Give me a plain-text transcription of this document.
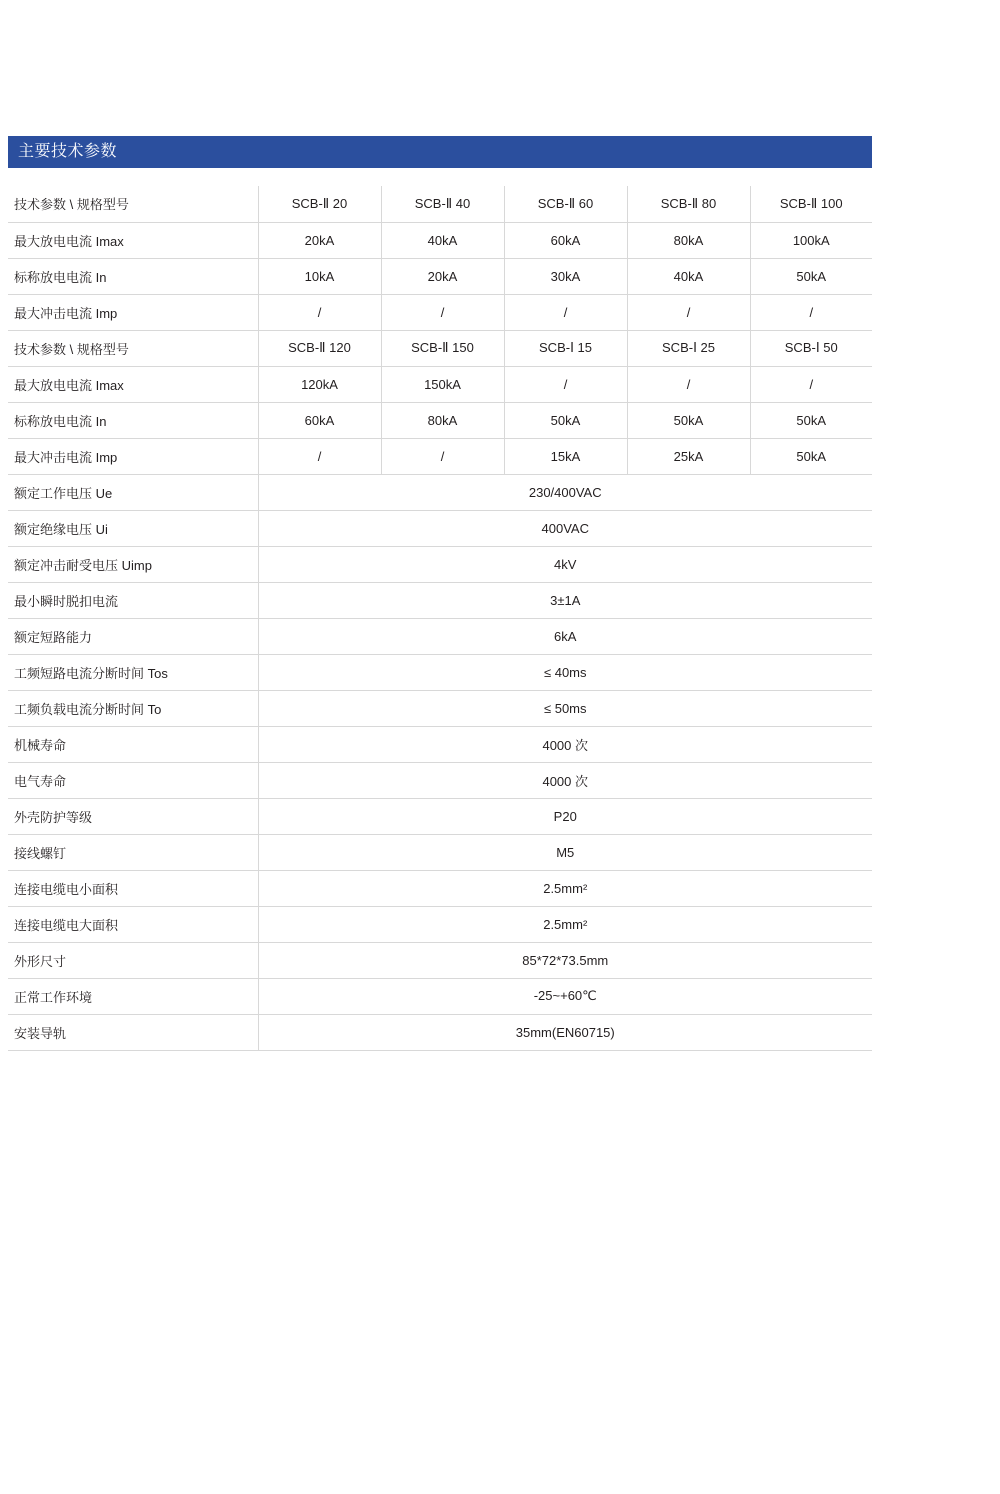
主要技术参数
技术参数 \ 规格型号	SCB-Ⅱ 20	SCB-Ⅱ 40	SCB-Ⅱ 60	SCB-Ⅱ 80	SCB-Ⅱ 100
最大放电电流 Imax	20kA	40kA	60kA	80kA	100kA
标称放电电流 In	10kA	20kA	30kA	40kA	50kA
最大冲击电流 Imp	/	/	/	/	/
技术参数 \ 规格型号	SCB-Ⅱ 120	SCB-Ⅱ 150	SCB-Ⅰ 15	SCB-Ⅰ 25	SCB-Ⅰ 50
最大放电电流 Imax	120kA	150kA	/	/	/
标称放电电流 In	60kA	80kA	50kA	50kA	50kA
最大冲击电流 Imp	/	/	15kA	25kA	50kA
额定工作电压 Ue	230/400VAC				
额定绝缘电压 Ui	400VAC				
额定冲击耐受电压 Uimp	4kV				
最小瞬时脱扣电流	3±1A				
额定短路能力	6kA				
工频短路电流分断时间 Tos	≤ 40ms				
工频负载电流分断时间 To	≤ 50ms				
机械寿命	4000 次				
电气寿命	4000 次				
外壳防护等级	P20				
接线螺钉	M5				
连接电缆电小面积	2.5mm²				
连接电缆电大面积	2.5mm²				
外形尺寸	85*72*73.5mm				
正常工作环境	-25~+60℃				
安装导轨	35mm(EN60715)				
